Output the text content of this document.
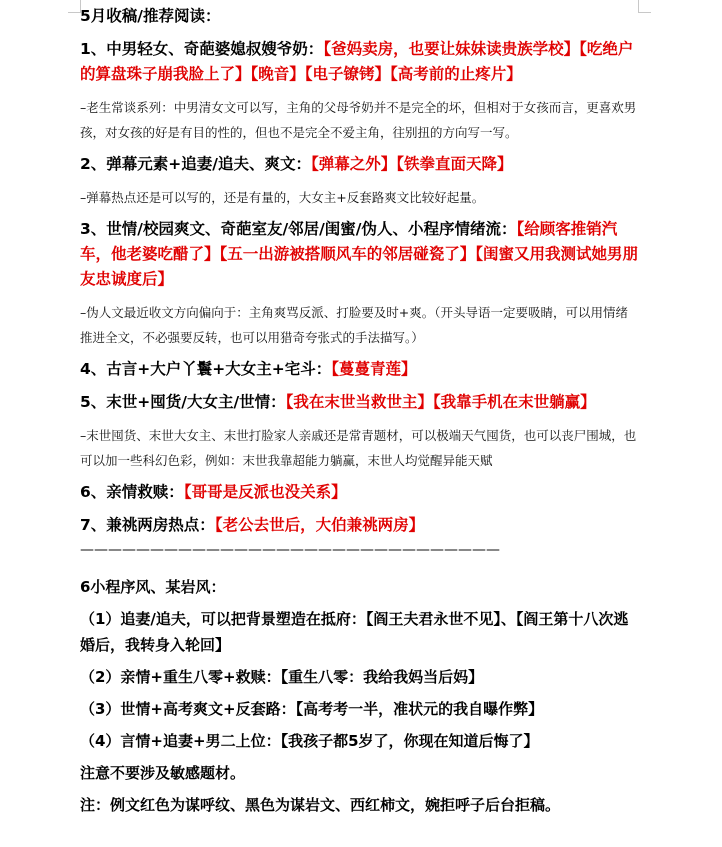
5月收稿/推荐阅读：

1、中男轻女、奇葩婆媳叔嫂爷奶：【爸妈卖房，也要让妹妹读贵族学校】【吃绝户的算盘珠子崩我脸上了】【晚音】【电子镣铐】【高考前的止疼片】

–老生常谈系列：中男清女文可以写，主角的父母爷奶并不是完全的坏，但相对于女孩而言，更喜欢男孩，对女孩的好是有目的性的，但也不是完全不爱主角，往别扭的方向写一写。

2、弹幕元素+追妻/追夫、爽文：【弹幕之外】【铁拳直面天降】

–弹幕热点还是可以写的，还是有量的，大女主+反套路爽文比较好起量。

3、世情/校园爽文、奇葩室友/邻居/闺蜜/伪人、小程序情绪流：【给顾客推销汽车，他老婆吃醋了】【五一出游被搭顺风车的邻居碰瓷了】【闺蜜又用我测试她男朋友忠诚度后】

–伪人文最近收文方向偏向于：主角爽骂反派、打脸要及时+爽。（开头导语一定要吸睛，可以用情绪推进全文，不必强要反转，也可以用猎奇夸张式的手法描写。）

4、古言+大户丫鬟+大女主+宅斗：【蔓蔓青莲】

5、末世+囤货/大女主/世情：【我在末世当救世主】【我靠手机在末世躺赢】

–末世囤货、末世大女主、末世打脸家人亲戚还是常青题材，可以极端天气囤货，也可以丧尸围城，也可以加一些科幻色彩，例如：末世我靠超能力躺赢，末世人均觉醒异能天赋

6、亲情救赎：【哥哥是反派也没关系】

7、兼祧两房热点：【老公去世后，大伯兼祧两房】

——————————————————————————————

6小程序风、某岩风：

（1）追妻/追夫，可以把背景塑造在抵府：【阎王夫君永世不见】、【阎王第十八次逃婚后，我转身入轮回】

（2）亲情+重生八零+救赎：【重生八零：我给我妈当后妈】

（3）世情+高考爽文+反套路：【高考考一半，准状元的我自曝作弊】

（4）言情+追妻+男二上位：【我孩子都5岁了，你现在知道后悔了】

注意不要涉及敏感题材。

注：例文红色为谋呼纹、黑色为谋岩文、西红柿文，婉拒呼子后台拒稿。
